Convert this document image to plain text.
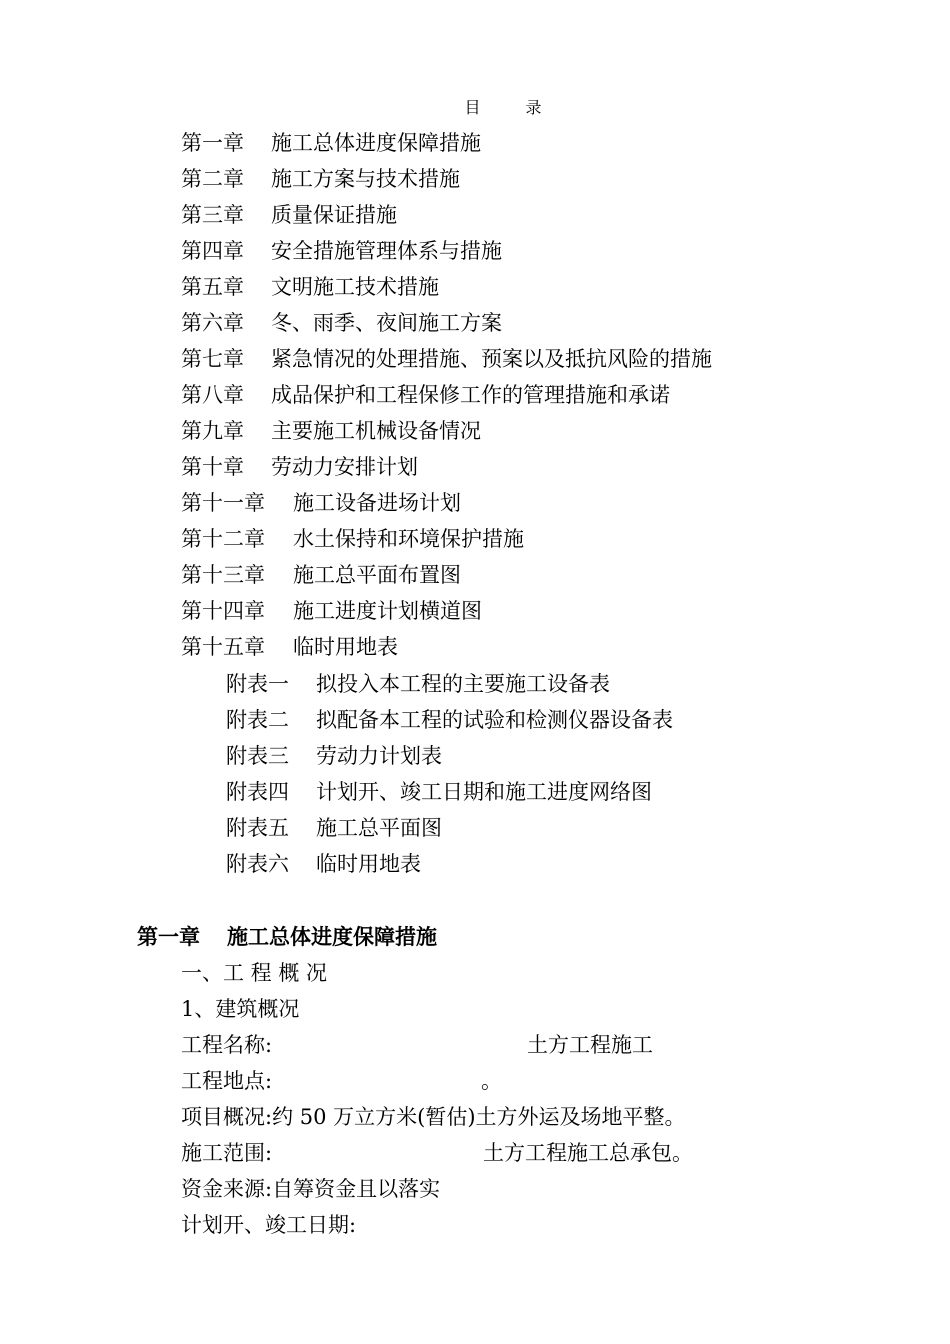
目 录
第一章 施工总体进度保障措施
第二章 施工方案与技术措施
第三章 质量保证措施
第四章 安全措施管理体系与措施
第五章 文明施工技术措施
第六章 冬、雨季、夜间施工方案
第七章 紧急情况的处理措施、预案以及抵抗风险的措施
第八章 成品保护和工程保修工作的管理措施和承诺
第九章 主要施工机械设备情况
第十章 劳动力安排计划
第十一章 施工设备进场计划
第十二章 水土保持和环境保护措施
第十三章 施工总平面布置图
第十四章 施工进度计划横道图
第十五章 临时用地表
附表一 拟投入本工程的主要施工设备表
附表二 拟配备本工程的试验和检测仪器设备表
附表三 劳动力计划表
附表四 计划开、竣工日期和施工进度网络图
附表五 施工总平面图
附表六 临时用地表
第一章 施工总体进度保障措施
一、工 程 概 况
1、建筑概况
工程名称:	土方工程施工
工程地点:	。
项目概况:约 50 万立方米(暂估)土方外运及场地平整。
施工范围:	土方工程施工总承包。
资金来源:自筹资金且以落实
计划开、竣工日期:
